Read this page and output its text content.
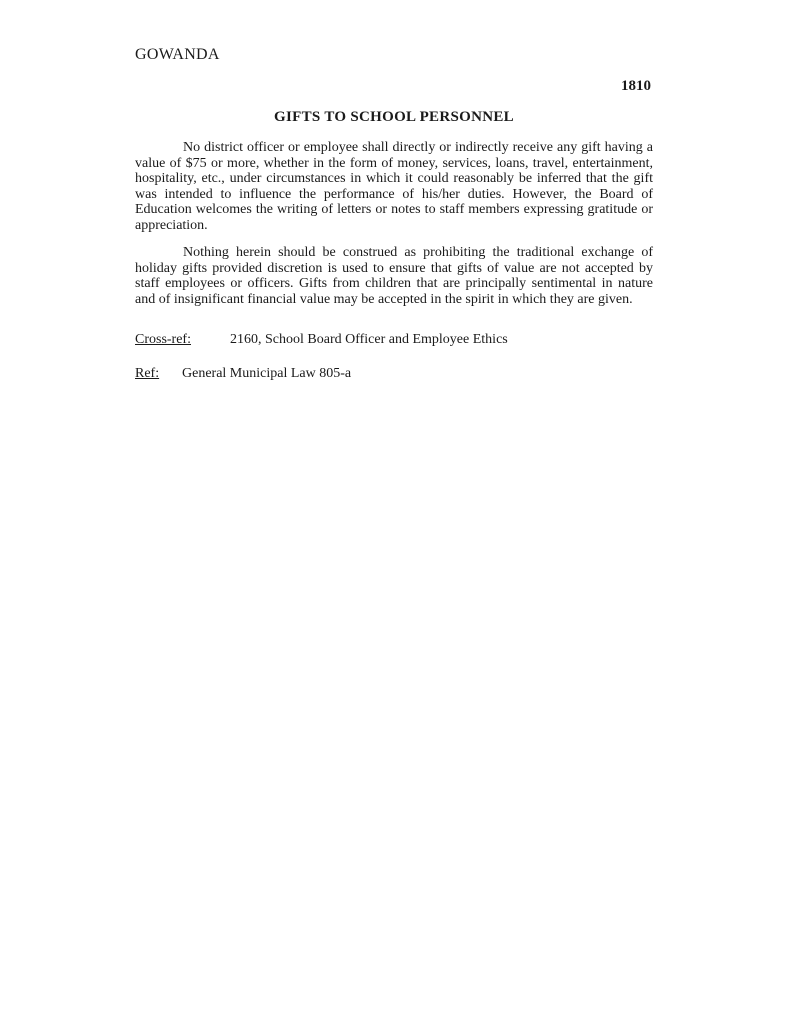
GOWANDA
1810
GIFTS TO SCHOOL PERSONNEL

No district officer or employee shall directly or indirectly receive any gift having a value of $75 or more, whether in the form of money, services, loans, travel, entertainment, hospitality, etc., under circumstances in which it could reasonably be inferred that the gift was intended to influence the performance of his/her duties. However, the Board of Education welcomes the writing of letters or notes to staff members expressing gratitude or appreciation.

Nothing herein should be construed as prohibiting the traditional exchange of holiday gifts provided discretion is used to ensure that gifts of value are not accepted by staff employees or officers. Gifts from children that are principally sentimental in nature and of insignificant financial value may be accepted in the spirit in which they are given.

Cross-ref:	2160, School Board Officer and Employee Ethics
Ref: General Municipal Law 805-a
